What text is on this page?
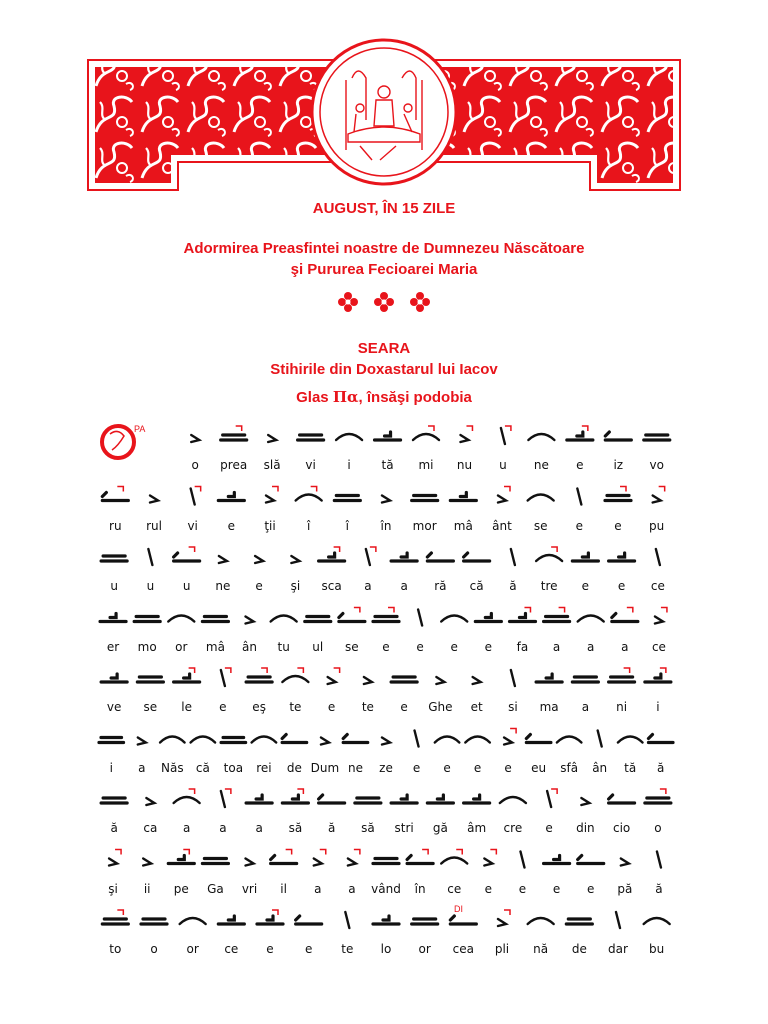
AUGUST, ÎN 15 ZILE
Adormirea Preasfintei noastre de Dumnezeu Născătoare
şi Pururea Fecioarei Maria

SEARA
Stihirile din Doxastarul lui Iacov
Glas Πα, însăşi podobia
PA
DI
o prea slă vi	i	tă mi nu u ne e iz vo
ru rul vi e ţii	î	î	în mor mâ ânt se e	e pu
u u u ne e şi sca a a ră că ă tre e e ce
er mo or mâ ân tu ul se e e e e fa a a a ce
ve se le e eş te e te e Ghe et si ma a ni i
i a Năs că toa rei de Dum ne ze e e e e eu sfâ ân tă ă
ă ca a a a să ă să stri gă âm cre e din cio o
şi ii pe Ga vri il a a vând în ce e e e e pă ă
to o or ce e	e te lo or cea pli nă de dar bu
